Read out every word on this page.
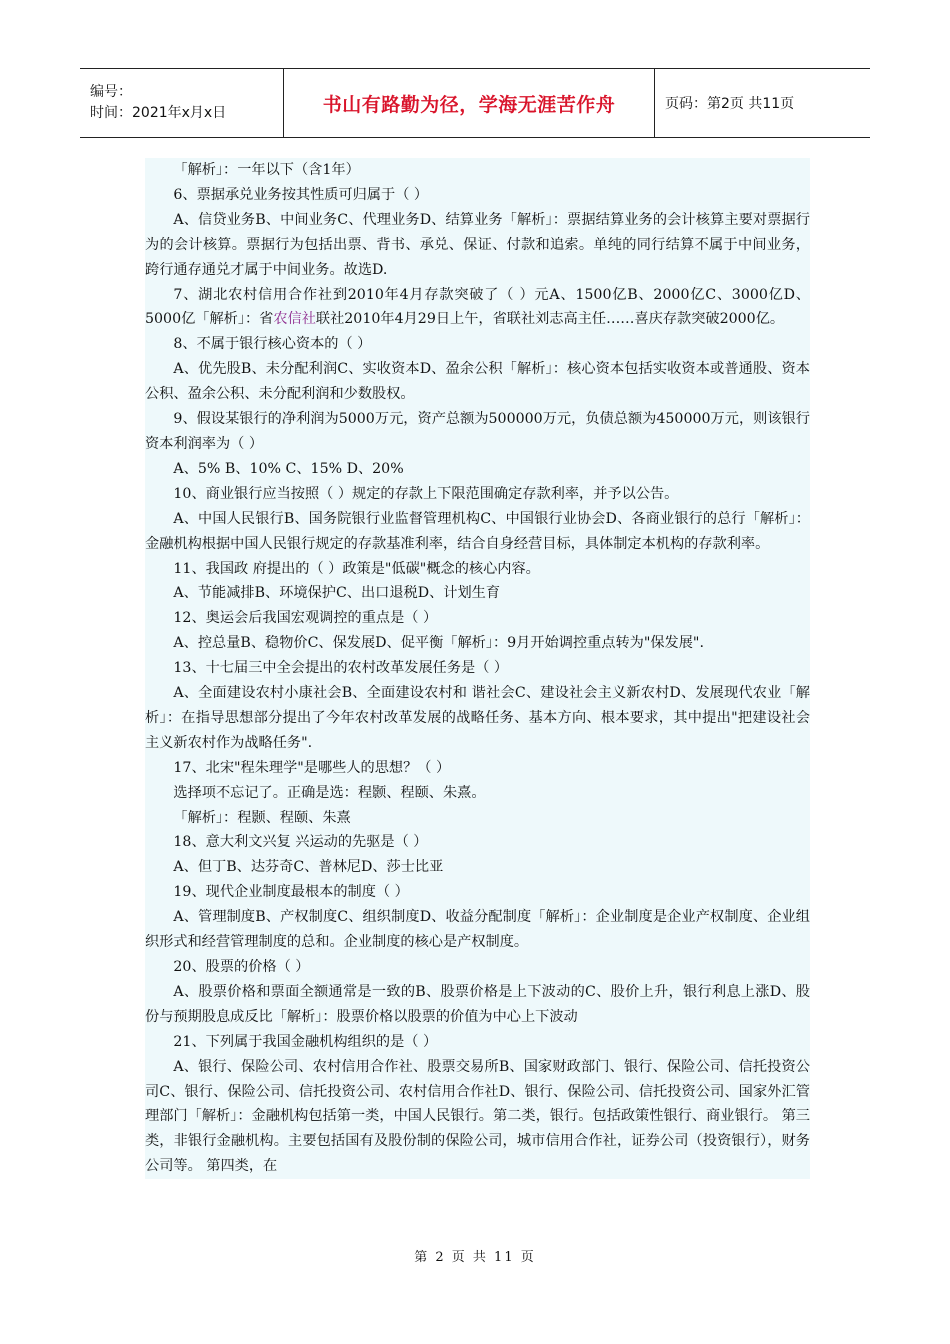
编号：
时间：2021年x月x日	书山有路勤为径，学海无涯苦作舟	页码：第2页 共11页

「解析」：一年以下（含1年）

6、票据承兑业务按其性质可归属于（ ）

A、信贷业务B、中间业务C、代理业务D、结算业务「解析」：票据结算业务的会计核算主要对票据行为的会计核算。票据行为包括出票、背书、承兑、保证、付款和追索。单纯的同行结算不属于中间业务，跨行通存通兑才属于中间业务。故选D.

7、湖北农村信用合作社到2010年4月存款突破了（ ）元A、1500亿B、2000亿C、3000亿D、5000亿「解析」：省农信社联社2010年4月29日上午，省联社刘志高主任……喜庆存款突破2000亿。

8、不属于银行核心资本的（ ）

A、优先股B、未分配利润C、实收资本D、盈余公积「解析」：核心资本包括实收资本或普通股、资本公积、盈余公积、未分配利润和少数股权。

9、假设某银行的净利润为5000万元，资产总额为500000万元，负债总额为450000万元，则该银行资本利润率为（ ）

A、5% B、10% C、15% D、20%

10、商业银行应当按照（ ）规定的存款上下限范围确定存款利率，并予以公告。

A、中国人民银行B、国务院银行业监督管理机构C、中国银行业协会D、各商业银行的总行「解析」：金融机构根据中国人民银行规定的存款基准利率，结合自身经营目标，具体制定本机构的存款利率。

11、我国政 府提出的（ ）政策是"低碳"概念的核心内容。

A、节能减排B、环境保护C、出口退税D、计划生育

12、奥运会后我国宏观调控的重点是（ ）

A、控总量B、稳物价C、保发展D、促平衡「解析」：9月开始调控重点转为"保发展".

13、十七届三中全会提出的农村改革发展任务是（ ）

A、全面建设农村小康社会B、全面建设农村和 谐社会C、建设社会主义新农村D、发展现代农业「解析」：在指导思想部分提出了今年农村改革发展的战略任务、基本方向、根本要求，其中提出"把建设社会主义新农村作为战略任务".

17、北宋"程朱理学"是哪些人的思想？（ ）

选择项不忘记了。正确是选：程颢、程颐、朱熹。

「解析」：程颢、程颐、朱熹

18、意大利文兴复 兴运动的先驱是（ ）

A、但丁B、达芬奇C、普林尼D、莎士比亚

19、现代企业制度最根本的制度（ ）

A、管理制度B、产权制度C、组织制度D、收益分配制度「解析」：企业制度是企业产权制度、企业组织形式和经营管理制度的总和。企业制度的核心是产权制度。

20、股票的价格（ ）

A、股票价格和票面全额通常是一致的B、股票价格是上下波动的C、股价上升，银行利息上涨D、股份与预期股息成反比「解析」：股票价格以股票的价值为中心上下波动

21、下列属于我国金融机构组织的是（ ）

A、银行、保险公司、农村信用合作社、股票交易所B、国家财政部门、银行、保险公司、信托投资公司C、银行、保险公司、信托投资公司、农村信用合作社D、银行、保险公司、信托投资公司、国家外汇管理部门「解析」：金融机构包括第一类，中国人民银行。第二类，银行。包括政策性银行、商业银行。 第三类，非银行金融机构。主要包括国有及股份制的保险公司，城市信用合作社，证券公司（投资银行），财务公司等。 第四类，在

第 2 页 共 11 页
